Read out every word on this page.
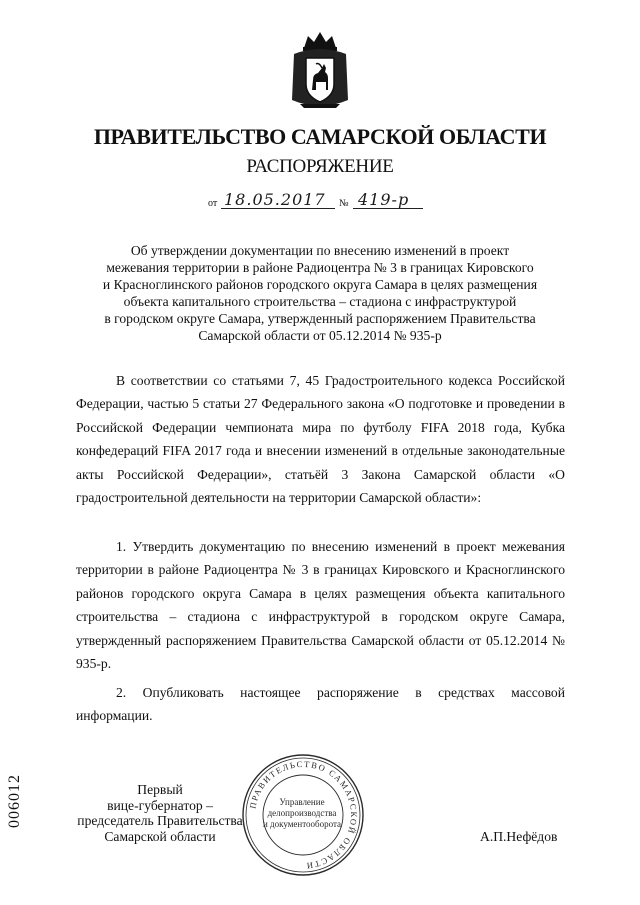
ПРАВИТЕЛЬСТВО САМАРСКОЙ ОБЛАСТИ
РАСПОРЯЖЕНИЕ
от 18.05.2017 № 419-р
Об утверждении документации по внесению изменений в проект
межевания территории в районе Радиоцентра № 3 в границах Кировского
и Красноглинского районов городского округа Самара в целях размещения
объекта капитального строительства – стадиона с инфраструктурой
в городском округе Самара, утвержденный распоряжением Правительства
Самарской области от 05.12.2014 № 935-р

В соответствии со статьями 7, 45 Градостроительного кодекса Российской Федерации, частью 5 статьи 27 Федерального закона «О подготовке и проведении в Российской Федерации чемпионата мира по футболу FIFA 2018 года, Кубка конфедераций FIFA 2017 года и внесении изменений в отдельные законодательные акты Российской Федерации», статьёй 3 Закона Самарской области «О градостроительной деятельности на территории Самарской области»:

1. Утвердить документацию по внесению изменений в проект межевания территории в районе Радиоцентра № 3 в границах Кировского и Красноглинского районов городского округа Самара в целях размещения объекта капитального строительства – стадиона с инфраструктурой в городском округе Самара, утвержденный распоряжением Правительства Самарской области от 05.12.2014 № 935-р.

2. Опубликовать настоящее распоряжение в средствах массовой информации.

Первый
вице-губернатор –
председатель Правительства
Самарской области
ПРАВИТЕЛЬСТВО САМАРСКОЙ ОБЛАСТИ
Управление
делопроизводства
и документооборота
А.П.Нефёдов
006012
